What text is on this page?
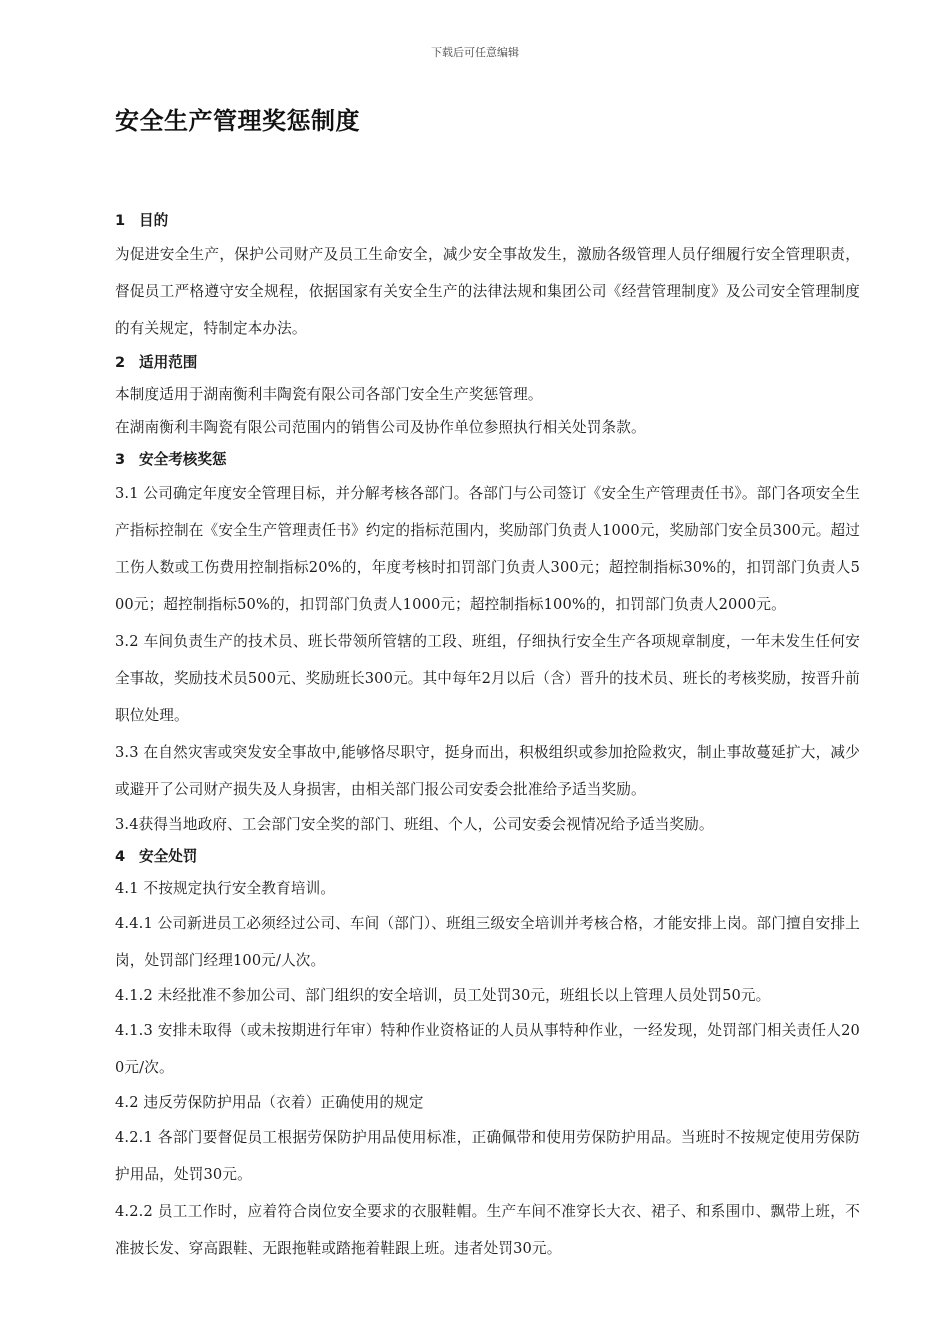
下载后可任意编辑
安全生产管理奖惩制度

1 目的

为促进安全生产，保护公司财产及员工生命安全，减少安全事故发生，激励各级管理人员仔细履行安全管理职责，督促员工严格遵守安全规程，依据国家有关安全生产的法律法规和集团公司《经营管理制度》及公司安全管理制度的有关规定，特制定本办法。

2 适用范围

本制度适用于湖南衡利丰陶瓷有限公司各部门安全生产奖惩管理。

在湖南衡利丰陶瓷有限公司范围内的销售公司及协作单位参照执行相关处罚条款。

3 安全考核奖惩

3.1 公司确定年度安全管理目标，并分解考核各部门。各部门与公司签订《安全生产管理责任书》。部门各项安全生产指标控制在《安全生产管理责任书》约定的指标范围内，奖励部门负责人1000元，奖励部门安全员300元。超过工伤人数或工伤费用控制指标20%的，年度考核时扣罚部门负责人300元；超控制指标30%的，扣罚部门负责人500元；超控制指标50%的，扣罚部门负责人1000元；超控制指标100%的，扣罚部门负责人2000元。

3.2 车间负责生产的技术员、班长带领所管辖的工段、班组，仔细执行安全生产各项规章制度，一年未发生任何安全事故，奖励技术员500元、奖励班长300元。其中每年2月以后（含）晋升的技术员、班长的考核奖励，按晋升前职位处理。

3.3 在自然灾害或突发安全事故中,能够恪尽职守，挺身而出，积极组织或参加抢险救灾，制止事故蔓延扩大，减少或避开了公司财产损失及人身损害，由相关部门报公司安委会批准给予适当奖励。

3.4获得当地政府、工会部门安全奖的部门、班组、个人，公司安委会视情况给予适当奖励。

4 安全处罚

4.1 不按规定执行安全教育培训。

4.4.1 公司新进员工必须经过公司、车间（部门）、班组三级安全培训并考核合格，才能安排上岗。部门擅自安排上岗，处罚部门经理100元/人次。

4.1.2 未经批准不参加公司、部门组织的安全培训，员工处罚30元，班组长以上管理人员处罚50元。

4.1.3 安排未取得（或未按期进行年审）特种作业资格证的人员从事特种作业，一经发现，处罚部门相关责任人200元/次。

4.2 违反劳保防护用品（衣着）正确使用的规定

4.2.1 各部门要督促员工根据劳保防护用品使用标准，正确佩带和使用劳保防护用品。当班时不按规定使用劳保防护用品，处罚30元。

4.2.2 员工工作时，应着符合岗位安全要求的衣服鞋帽。生产车间不准穿长大衣、裙子、和系围巾、飘带上班，不准披长发、穿高跟鞋、无跟拖鞋或踏拖着鞋跟上班。违者处罚30元。
